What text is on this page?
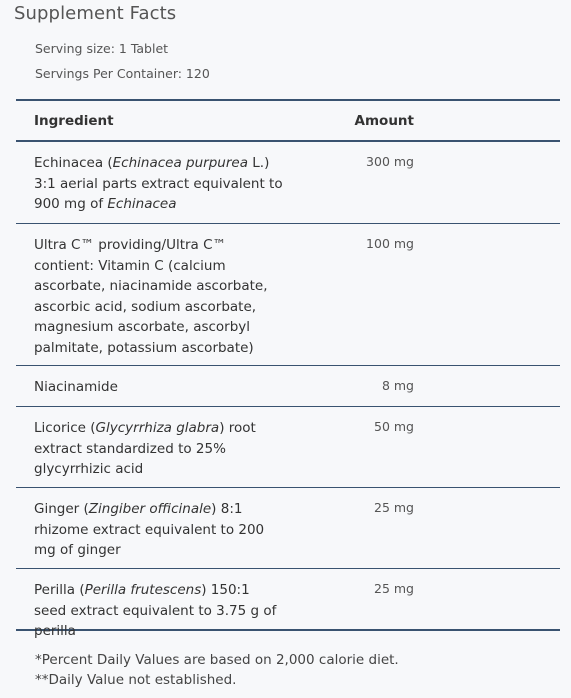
Supplement Facts
Serving size: 1 Tablet
Servings Per Container: 120
Ingredient	Amount
Echinacea (Echinacea purpurea L.) 3:1 aerial parts extract equivalent to 900 mg of Echinacea
300 mg
Ultra C™ providing/Ultra C™ contient: Vitamin C (calcium ascorbate, niacinamide ascorbate, ascorbic acid, sodium ascorbate, magnesium ascorbate, ascorbyl palmitate, potassium ascorbate)
100 mg
Niacinamide	8 mg
Licorice (Glycyrrhiza glabra) root extract standardized to 25% glycyrrhizic acid
50 mg
Ginger (Zingiber officinale) 8:1 rhizome extract equivalent to 200 mg of ginger
25 mg
Perilla (Perilla frutescens) 150:1 seed extract equivalent to 3.75 g of perilla
25 mg
*Percent Daily Values are based on 2,000 calorie diet.
**Daily Value not established.
